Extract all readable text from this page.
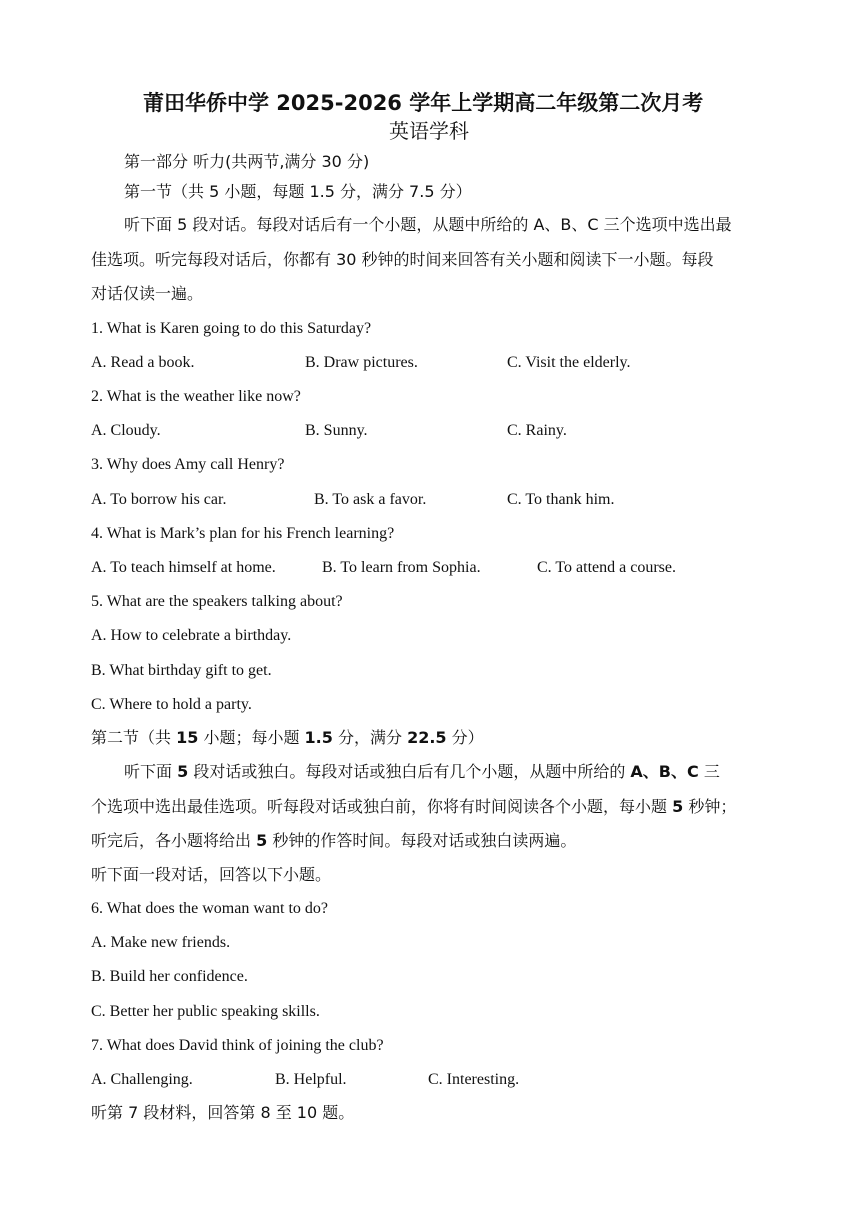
莆田华侨中学 2025-2026 学年上学期高二年级第二次月考
英语学科
第一部分 听力(共两节,满分 30 分)
第一节（共 5 小题，每题 1.5 分，满分 7.5 分）
听下面 5 段对话。每段对话后有一个小题，从题中所给的 A、B、C 三个选项中选出最
佳选项。听完每段对话后，你都有 30 秒钟的时间来回答有关小题和阅读下一小题。每段
对话仅读一遍。
1. What is Karen going to do this Saturday?
A. Read a book.	B. Draw pictures.	C. Visit the elderly.
2. What is the weather like now?
A. Cloudy.	B. Sunny.	C. Rainy.
3. Why does Amy call Henry?
A. To borrow his car.	B. To ask a favor.	C. To thank him.
4. What is Mark’s plan for his French learning?
A. To teach himself at home.	B. To learn from Sophia.	C. To attend a course.
5. What are the speakers talking about?
A. How to celebrate a birthday.
B. What birthday gift to get.
C. Where to hold a party.
第二节（共 15 小题；每小题 1.5 分，满分 22.5 分）
听下面 5 段对话或独白。每段对话或独白后有几个小题，从题中所给的 A、B、C 三
个选项中选出最佳选项。听每段对话或独白前，你将有时间阅读各个小题，每小题 5 秒钟；
听完后，各小题将给出 5 秒钟的作答时间。每段对话或独白读两遍。
听下面一段对话，回答以下小题。
6. What does the woman want to do?
A. Make new friends.
B. Build her confidence.
C. Better her public speaking skills.
7. What does David think of joining the club?
A. Challenging.	B. Helpful.	C. Interesting.
听第 7 段材料，回答第 8 至 10 题。
